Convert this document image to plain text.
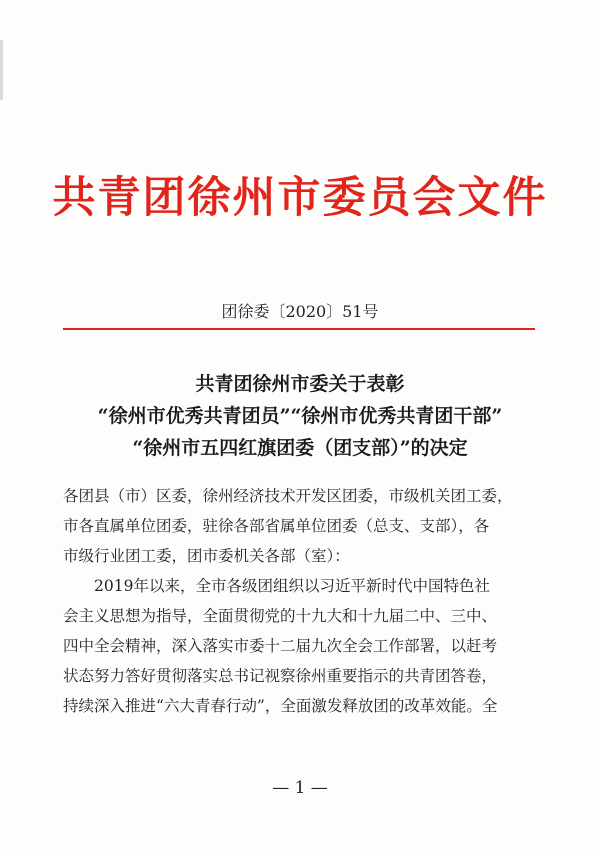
共青团徐州市委员会文件
团徐委〔2020〕51号
共青团徐州市委关于表彰
“徐州市优秀共青团员”“徐州市优秀共青团干部”
“徐州市五四红旗团委（团支部）”的决定
各团县（市）区委，徐州经济技术开发区团委，市级机关团工委，
市各直属单位团委，驻徐各部省属单位团委（总支、支部），各
市级行业团工委，团市委机关各部（室）：
2019年以来，全市各级团组织以习近平新时代中国特色社
会主义思想为指导，全面贯彻党的十九大和十九届二中、三中、
四中全会精神，深入落实市委十二届九次全会工作部署，以赶考
状态努力答好贯彻落实总书记视察徐州重要指示的共青团答卷，
持续深入推进“六大青春行动”，全面激发释放团的改革效能。全
— 1 —
